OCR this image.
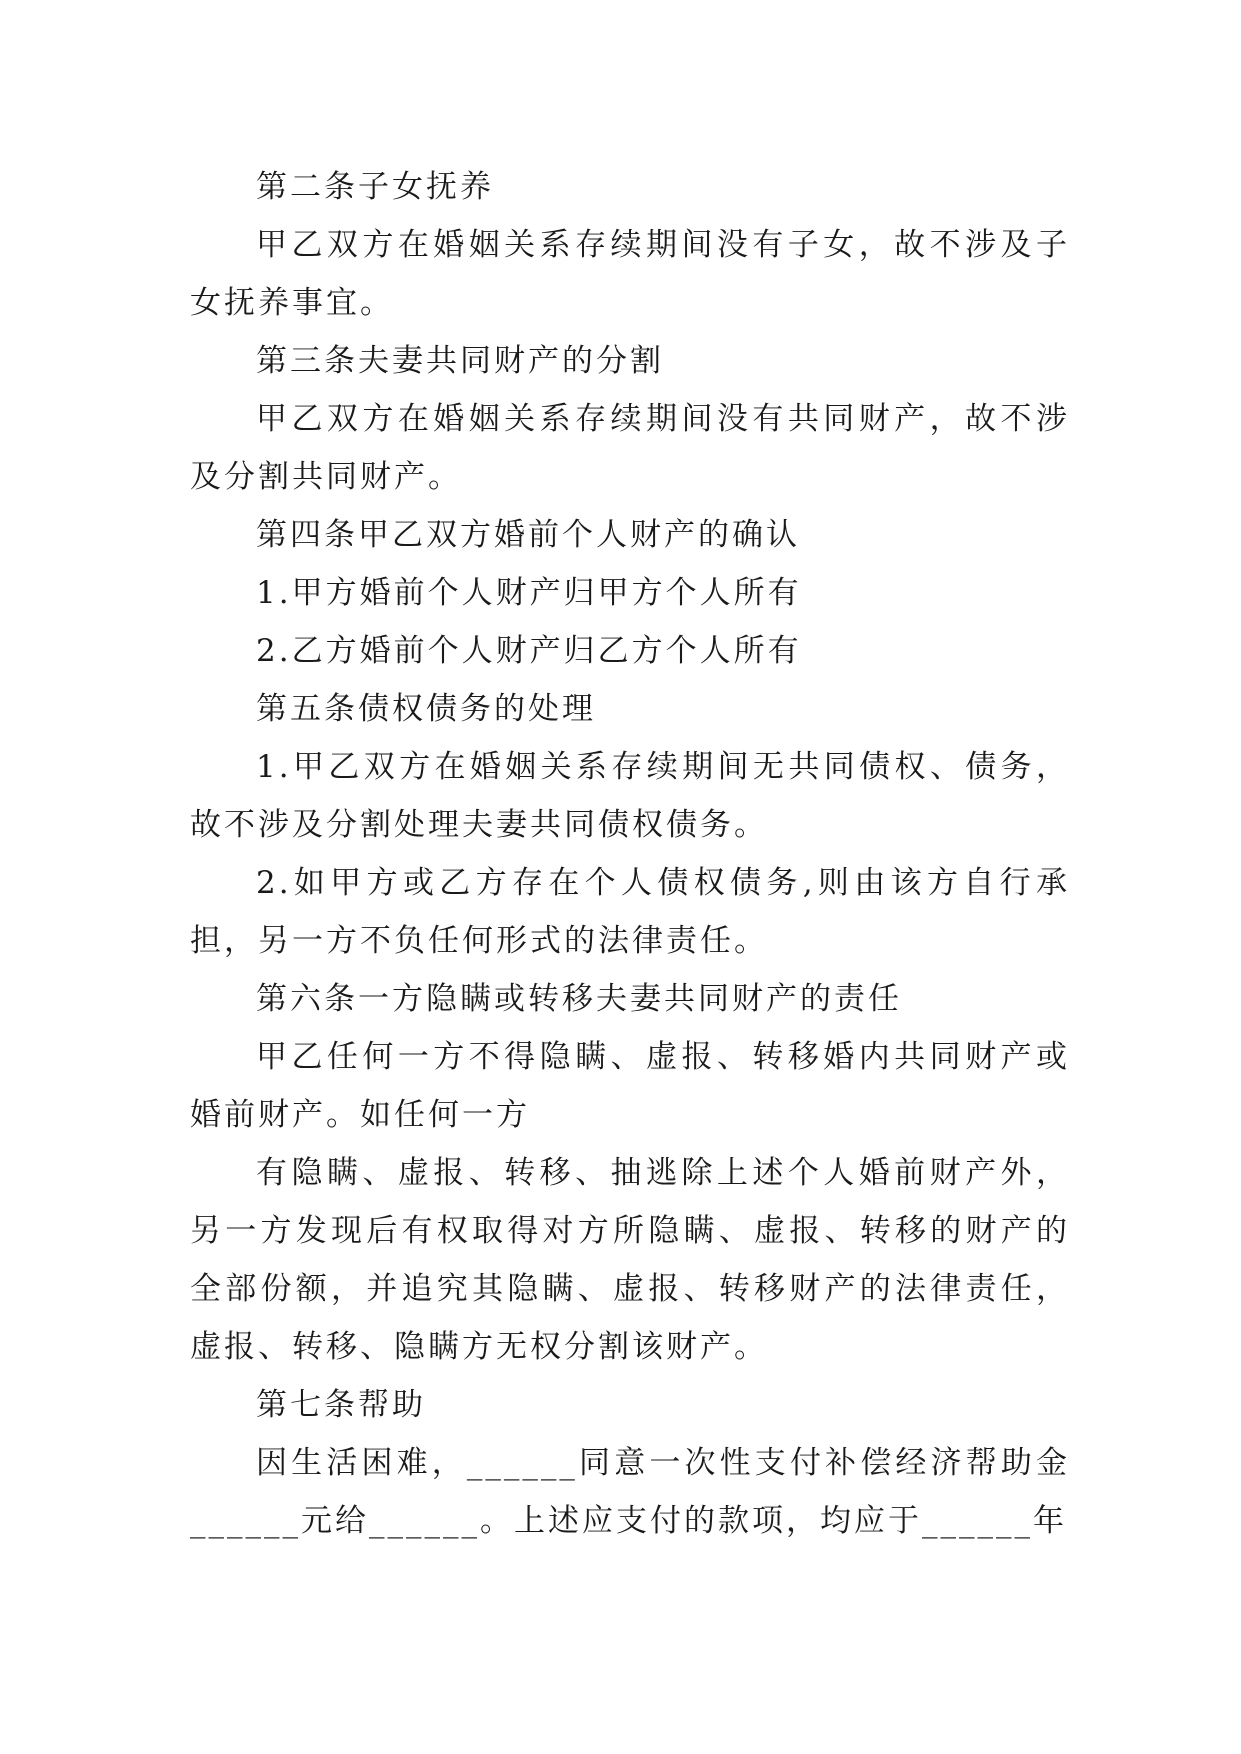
第二条子女抚养

甲乙双方在婚姻关系存续期间没有子女，故不涉及子女抚养事宜。

第三条夫妻共同财产的分割

甲乙双方在婚姻关系存续期间没有共同财产，故不涉及分割共同财产。

第四条甲乙双方婚前个人财产的确认

1.甲方婚前个人财产归甲方个人所有

2.乙方婚前个人财产归乙方个人所有

第五条债权债务的处理

1.甲乙双方在婚姻关系存续期间无共同债权、债务，故不涉及分割处理夫妻共同债权债务。

2.如甲方或乙方存在个人债权债务,则由该方自行承担，另一方不负任何形式的法律责任。

第六条一方隐瞒或转移夫妻共同财产的责任

甲乙任何一方不得隐瞒、虚报、转移婚内共同财产或婚前财产。如任何一方

有隐瞒、虚报、转移、抽逃除上述个人婚前财产外，另一方发现后有权取得对方所隐瞒、虚报、转移的财产的全部份额，并追究其隐瞒、虚报、转移财产的法律责任，虚报、转移、隐瞒方无权分割该财产。

第七条帮助

因生活困难，______同意一次性支付补偿经济帮助金______元给______。上述应支付的款项，均应于______年
